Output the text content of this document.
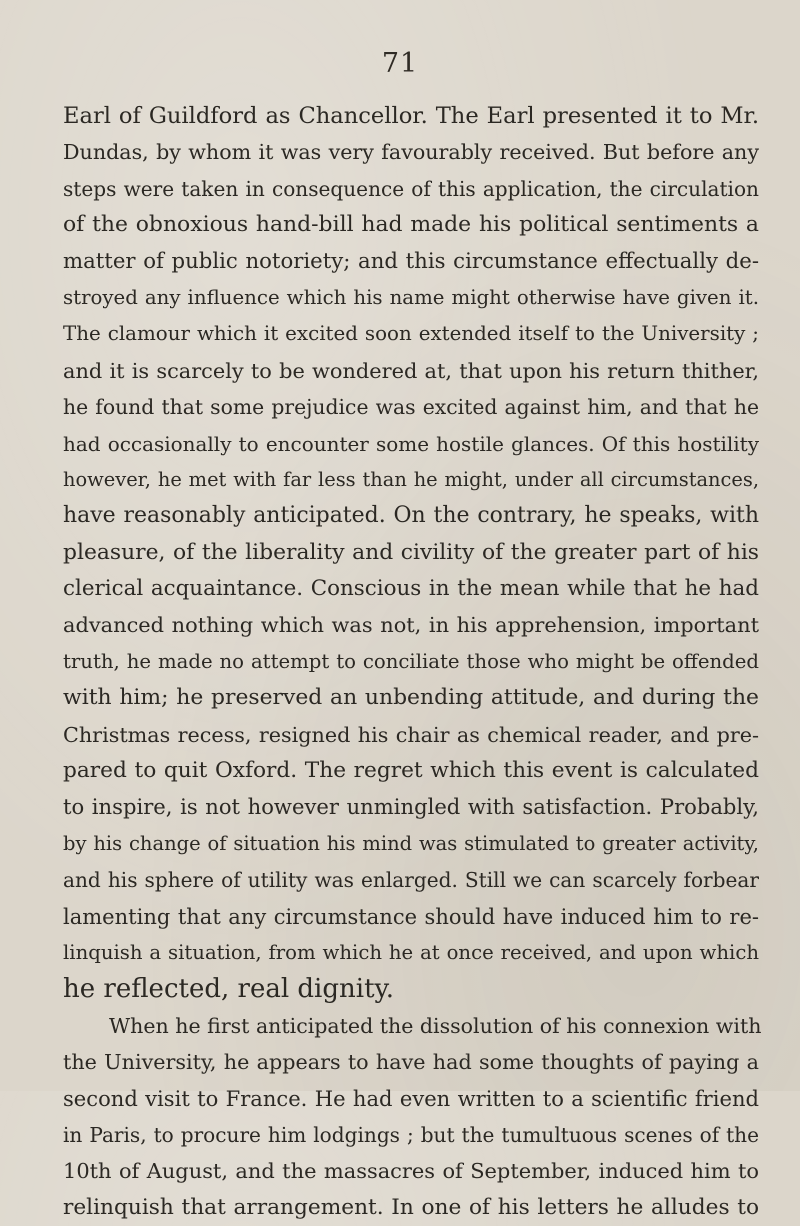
71
Earl of Guildford as Chancellor. The Earl presented it to Mr.
Dundas, by whom it was very favourably received. But before any
steps were taken in consequence of this application, the circulation
of the obnoxious hand-bill had made his political sentiments a
matter of public notoriety; and this circumstance effectually de-
stroyed any influence which his name might otherwise have given it.
The clamour which it excited soon extended itself to the University ;
and it is scarcely to be wondered at, that upon his return thither,
he found that some prejudice was excited against him, and that he
had occasionally to encounter some hostile glances. Of this hostility
however, he met with far less than he might, under all circumstances,
have reasonably anticipated. On the contrary, he speaks, with
pleasure, of the liberality and civility of the greater part of his
clerical acquaintance. Conscious in the mean while that he had
advanced nothing which was not, in his apprehension, important
truth, he made no attempt to conciliate those who might be offended
with him; he preserved an unbending attitude, and during the
Christmas recess, resigned his chair as chemical reader, and pre-
pared to quit Oxford. The regret which this event is calculated
to inspire, is not however unmingled with satisfaction. Probably,
by his change of situation his mind was stimulated to greater activity,
and his sphere of utility was enlarged. Still we can scarcely forbear
lamenting that any circumstance should have induced him to re-
linquish a situation, from which he at once received, and upon which
he reflected, real dignity.
When he first anticipated the dissolution of his connexion with
the University, he appears to have had some thoughts of paying a
second visit to France. He had even written to a scientific friend
in Paris, to procure him lodgings ; but the tumultuous scenes of the
10th of August, and the massacres of September, induced him to
relinquish that arrangement. In one of his letters he alludes to
